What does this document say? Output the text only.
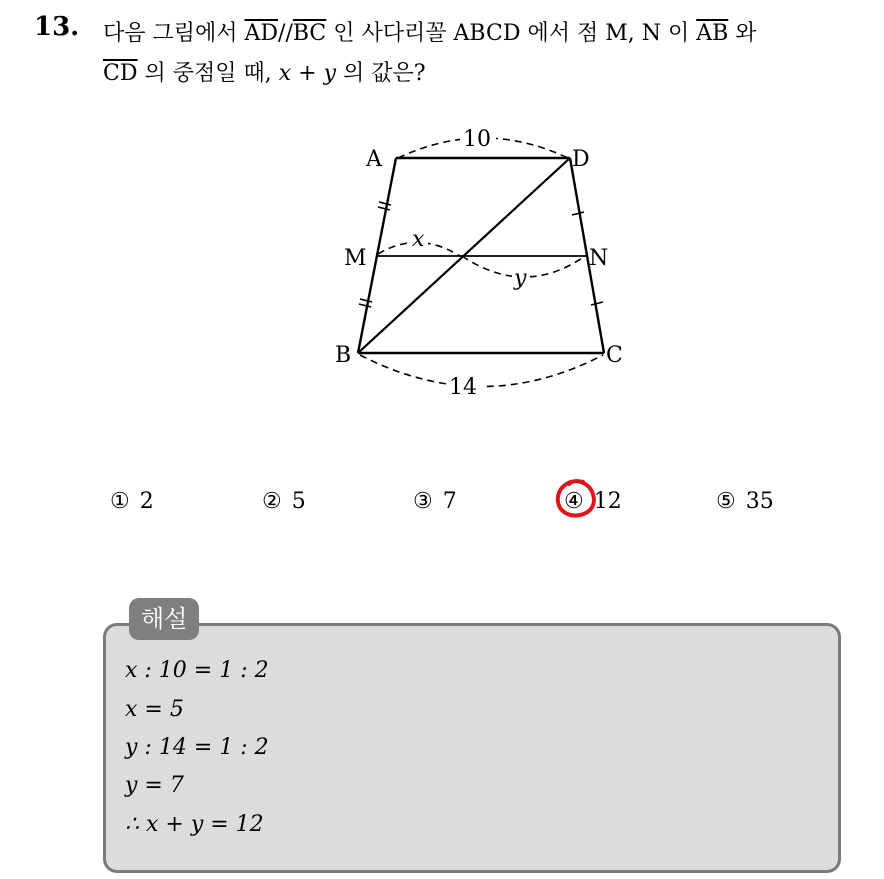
13. 다음 그림에서 $\overline{AD}//\overline{BC}$ 인 사다리꼴 ABCD 에서 점 M, N 이 $\overline{AB}$ 와
$\overline{CD}$ 의 중점일 때, x + y 의 값은?
A	D
M	N
B	C
10
14
x
y
① 2	② 5	③ 7	④ 12	⑤ 35
해설
x : 10 = 1 : 2
x = 5
y : 14 = 1 : 2
y = 7
∴ x + y = 12
